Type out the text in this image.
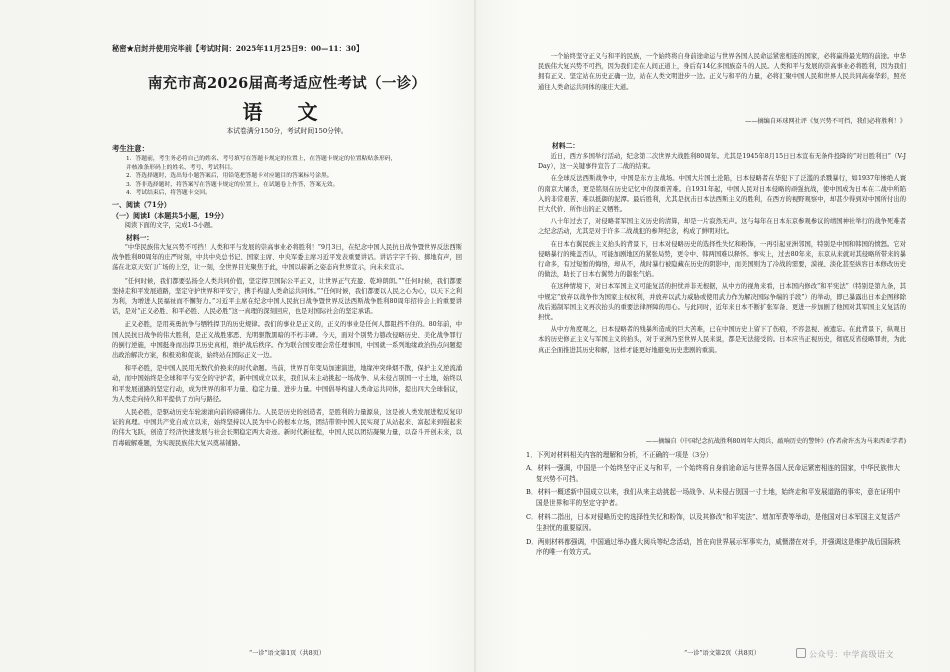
秘密★启封并使用完毕前【考试时间：2025年11月25日9：00—11：30】
南充市高2026届高考适应性考试（一诊）
语 文
本试卷满分150分，考试时间150分钟。
考生注意：
1．答题前，考生务必将自己的姓名、考号填写在答题卡规定的位置上，在答题卡规定的位置粘贴条形码，
并核准条形码上的姓名、考号、考试科目。
2．答选择题时，选出每小题答案后，用铅笔把答题卡对应题目的答案标号涂黑。
3．答非选择题时，将答案写在答题卡规定的位置上，在试题卷上作答，答案无效。
4．考试结束后，将答题卡交回。
一、阅读（71分）
（一）阅读Ⅰ（本题共5小题，19分）
阅读下面的文字，完成1-5小题。
材料一：

“中华民族伟大复兴势不可挡！人类和平与发展的崇高事业必将胜利！”9月3日，在纪念中国人民抗日战争暨世界反法西斯战争胜利80周年的庄严时刻，中共中央总书记、国家主席、中央军委主席习近平发表重要讲话。讲话字字千钧、掷地有声，回荡在北京天安门广场的上空，让一刻，全世界目光聚焦于此，中国以崭新之姿态向世界宣示，向未来宣示。

“任何时候，我们都要弘扬全人类共同价值，坚定捍卫国际公平正义，让世界正气充盈、乾坤朗朗。”“任何时候，我们都要坚持走和平发展道路，坚定守护世界和平安宁，携手构建人类命运共同体。”“任何时候，我们都要以人民之心为心，以天下之利为利，为增进人民福祉而不懈努力。”习近平主席在纪念中国人民抗日战争暨世界反法西斯战争胜利80周年招待会上的重要讲话，是对“正义必胜、和平必胜、人民必胜”这一真理的深刻回应，也是对国际社会的坚定承诺。

正义必胜，是用英勇抗争与牺牲捍卫的历史规律。我们的事业是正义的，正义的事业是任何人都阻挡不住的。80年前，中国人民抗日战争的伟大胜利，是正义战胜邪恶、光明驱散黑暗的不朽丰碑。今天，面对个别势力篡改侵略历史、美化战争罪行的倒行逆施，中国挺身而出捍卫历史真相，维护战后秩序。作为联合国安理会常任理事国，中国就一系列地缘政治热点问题提出政治解决方案，积极劝和促谈，始终站在国际正义一边。

和平必胜，是中国人民用无数代价换来的时代命题。当前，世界百年变局加速演进，地缘冲突烽烟不散，保护主义逆流涌动，而中国始终是全球和平与安全的守护者，新中国成立以来，我们从未主动挑起一场战争、从未侵占别国一寸土地，始终以和平发展道路的坚定行动，成为世界的和平力量、稳定力量、进步力量。中国倡导构建人类命运共同体，提出四大全球倡议，为人类走向持久和平提供了方向与路径。

人民必胜，是驱动历史车轮滚滚向前的磅礴伟力。人民是历史的创造者，是胜利的力量源泉，这是被人类发展进程反复印证的真理。中国共产党自成立以来，始终坚持以人民为中心的根本立场，团结带领中国人民实现了从站起来、富起来到强起来的伟大飞跃，创造了经济快速发展与社会长期稳定两大奇迹。新时代新征程，中国人民以团结凝聚力量，以奋斗开创未来，以百毒破解难题，为实现民族伟大复兴奠基铺路。

“一诊”语文第1页（共8页）

一个始终坚守正义与和平的民族，一个始终将自身前途命运与世界各国人民命运紧密相连的国家，必将赢得最光明的前途。中华民族伟大复兴势不可挡，因为我们走在人间正道上，身后有14亿多国族奋斗的人民。人类和平与发展的崇高事业必将胜利，因为我们拥有正义、坚定站在历史正确一边，站在人类文明进步一边。正义与和平的力量，必将汇聚中国人民和世界人民共同高奏华彩，照亮通往人类命运共同体的康庄大道。

——摘编自环球网社评《复兴势不可挡，我们必将胜利！》
材料二：

近日，西方多国举行活动，纪念第二次世界大战胜利80周年。尤其是1945年8月15日日本宣布无条件投降的“对日胜利日”（V-J Day），这一关键事件宣告了二战的结束。

在全球反法西斯战争中，中国是东方主战场。中国大片国土沦陷，日本侵略者在华犯下了泛滥的杀戮暴行，如1937年惨绝人寰的南京大屠杀，更是铭刻在历史记忆中的深重苦难。自1931年起，中国人民对日本侵略的顽强抗战，使中国成为日本在二战中所陷入的非常艰苦、难以抵御的泥潭。最后胜利，尤其是抗击日本法西斯主义的胜利，在西方的视野观察中，却甚少得到对中国所付出的巨大代价、所作出的正义牺牲。

八十年过去了，对侵略者军国主义历史的清算，却是一片寂然无声。这与每年在日本东京参观参议的靖国神社举行的战争死难者之纪念活动，尤其是对于许多二战战犯的参拜纪念，构成了鲜明对比。

在日本右翼民族主义抬头的背景下，日本对侵略历史的选择性失忆和粉饰，一再引起亚洲邻国，特别是中国和韩国的愤怒。它对侵略暴行的掩盖否认，可能加剧地区的紧张局势，更令中、韩两国难以释怀。事实上，过去80年来，东京从来就对其侵略所带来的暴行命多，有过短暂的悔悟，却从不，战时暴行被隐藏在历史的阴影中，而美国则为了冷战的需要，漠视、淡化甚至纵容日本修改历史的做法，助长了日本右翼势力的嚣张气焰。

在这种情境下，对日本军国主义可能复活的担忧并非无根据，从中方的视角来看，日本国内修改“和平宪法”（特别是第九条，其中规定“放弃以战争作为国家主权权利，并放弃以武力威胁或使用武力作为解决国际争端的手段”）的举动，即已暴露出日本企图移除战后遏制军国主义再次抬头的重要法律屏障的用心。与此同时，近年来日本不断扩张军备、更进一步加剧了他国对其军国主义复活的担忧。

从中方角度观之，日本侵略者的残暴所造成的巨大苦难，已在中国历史上留下了伤痕，不容忽视、被遗忘。在此背景下，纵观日本的历史修正主义与军国主义的抬头，对于亚洲乃至世界人民来说，都是无法接受的。日本应当正视历史，彻底反省侵略罪责，为此真正全面推进其历史和解，这样才能更好地避免历史悲剧的重演。

——摘编自《中国纪念抗战胜利80周年大阅兵，敲响历史的警钟》(作者俞许杰为马来西亚学者)
1．下列对材料相关内容的理解和分析，不正确的一项是（3分）
A．材料一强调，中国是一个始终坚守正义与和平，一个始终将自身前途命运与世界各国人民命运紧密相连的国家，中华民族伟大复兴势不可挡。
B．材料一概述新中国成立以来，我们从来主动挑起一场战争、从未侵占别国一寸土地，始终走和平发展道路的事实，意在证明中国是世界和平的坚定守护者。
C．材料二指出，日本对侵略历史的选择性失忆和粉饰，以及其修改“和平宪法”、增加军费等举动，是他国对日本军国主义复活产生担忧的重要原因。
D．两则材料都强调，中国通过举办盛大阅兵等纪念活动，旨在向世界展示军事实力，威慑潜在对手，并强调这是维护战后国际秩序的唯一有效方式。
“一诊”语文第2页（共8页）	公众号：中学高级语文
